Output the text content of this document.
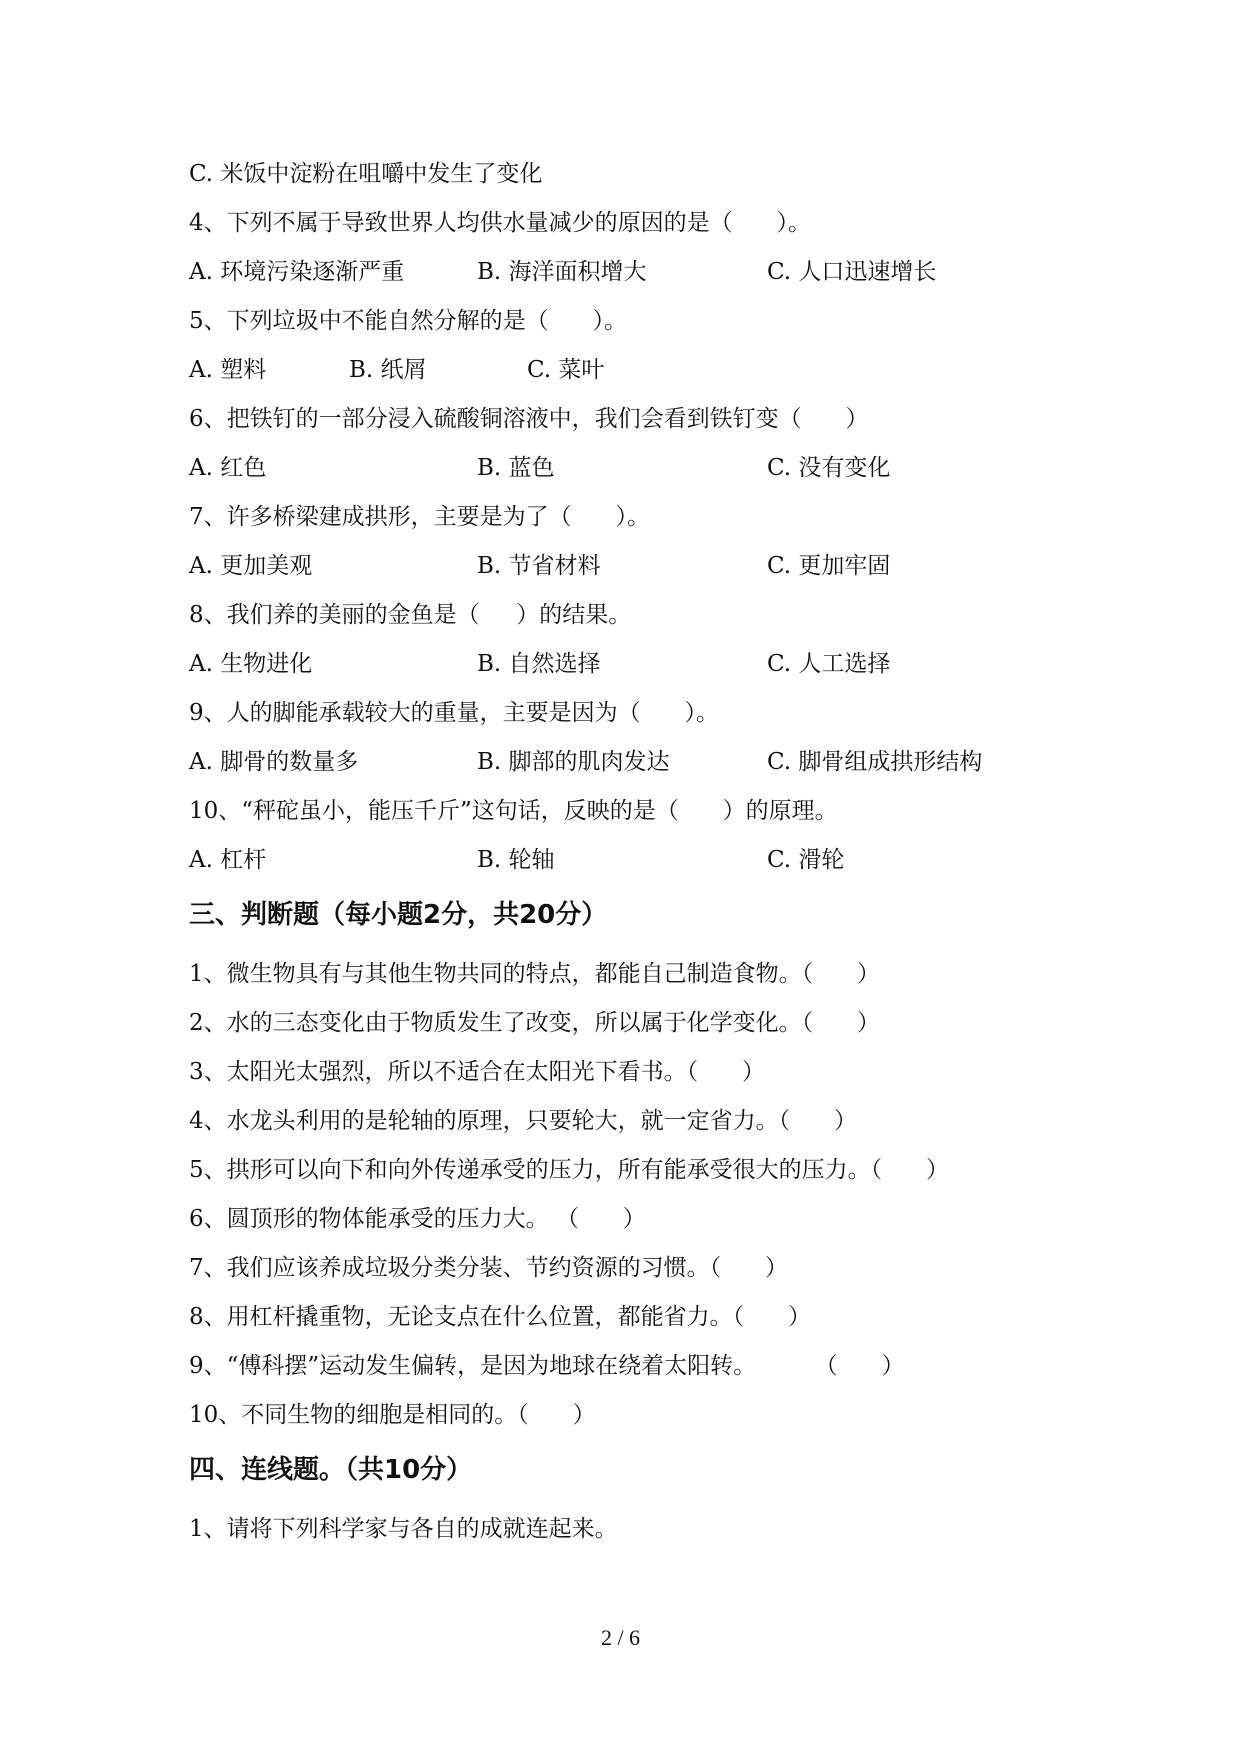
C. 米饭中淀粉在咀嚼中发生了变化
4、下列不属于导致世界人均供水量减少的原因的是（      ）。
A. 环境污染逐渐严重	B. 海洋面积增大	C. 人口迅速增长
5、下列垃圾中不能自然分解的是（      ）。
A. 塑料	B. 纸屑	C. 菜叶
6、把铁钉的一部分浸入硫酸铜溶液中，我们会看到铁钉变（      ）
A. 红色	B. 蓝色	C. 没有变化
7、许多桥梁建成拱形，主要是为了（      ）。
A. 更加美观	B. 节省材料	C. 更加牢固
8、我们养的美丽的金鱼是（     ）的结果。
A. 生物进化	B. 自然选择	C. 人工选择
9、人的脚能承载较大的重量，主要是因为（      ）。
A. 脚骨的数量多	B. 脚部的肌肉发达	C. 脚骨组成拱形结构
10、“秤砣虽小，能压千斤”这句话，反映的是（      ）的原理。
A. 杠杆	B. 轮轴	C. 滑轮
三、判断题（每小题2分，共20分）
1、微生物具有与其他生物共同的特点，都能自己制造食物。（      ）
2、水的三态变化由于物质发生了改变，所以属于化学变化。（      ）
3、太阳光太强烈，所以不适合在太阳光下看书。（      ）
4、水龙头利用的是轮轴的原理，只要轮大，就一定省力。（      ）
5、拱形可以向下和向外传递承受的压力，所有能承受很大的压力。（      ）
6、圆顶形的物体能承受的压力大。 （      ）
7、我们应该养成垃圾分类分装、节约资源的习惯。（      ）
8、用杠杆撬重物，无论支点在什么位置，都能省力。（      ）
9、“傅科摆”运动发生偏转，是因为地球在绕着太阳转。        （      ）
10、不同生物的细胞是相同的。（      ）
四、连线题。（共10分）
1、请将下列科学家与各自的成就连起来。
2 / 6
